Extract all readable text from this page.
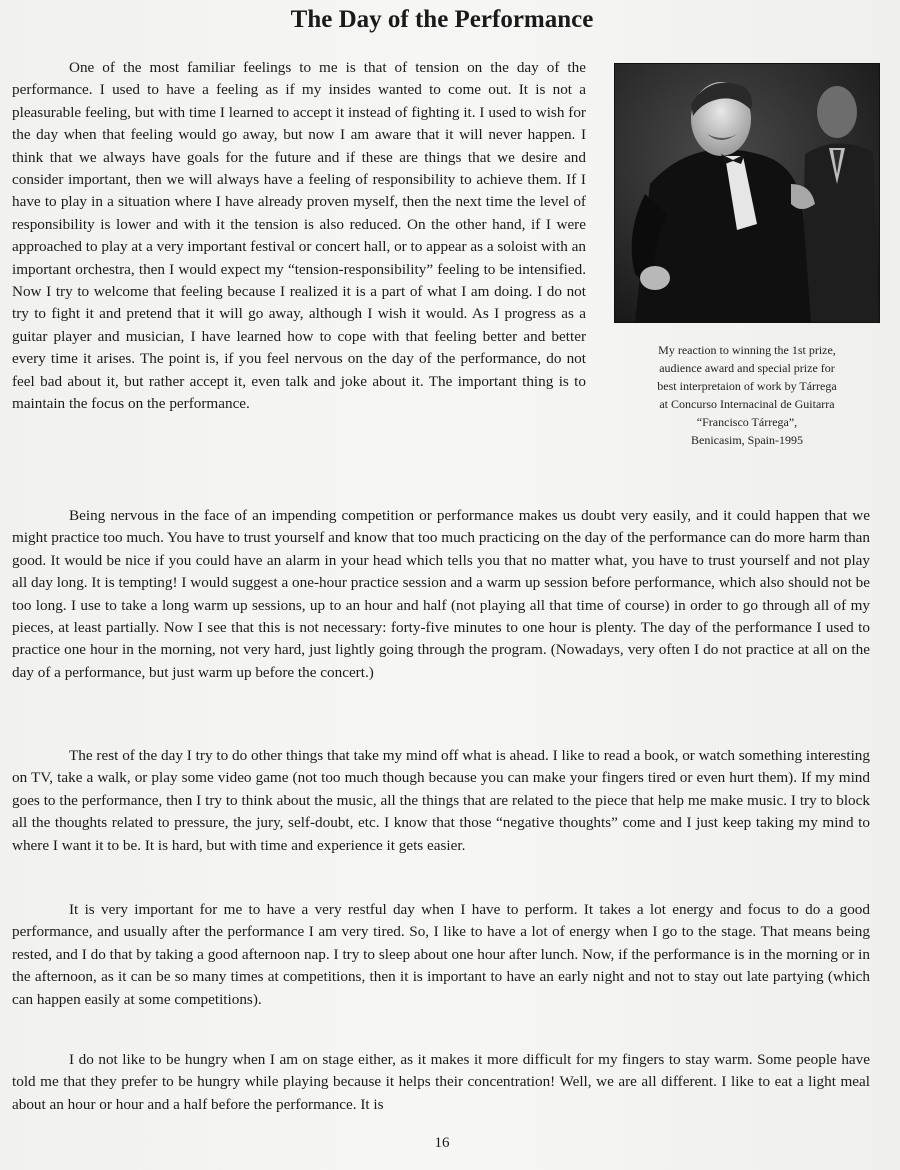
The Day of the Performance
My reaction to winning the 1st prize,
audience award and special prize for
best interpretaion of work by Tárrega
at Concurso Internacinal de Guitarra
“Francisco Tárrega”,
Benicasim, Spain-1995
One of the most familiar feelings to me is that of tension on the day of the performance. I used to have a feeling as if my insides wanted to come out. It is not a pleasurable feeling, but with time I learned to accept it instead of fighting it. I used to wish for the day when that feeling would go away, but now I am aware that it will never happen. I think that we always have goals for the future and if these are things that we desire and consider important, then we will always have a feeling of responsibility to achieve them. If I have to play in a situation where I have already proven myself, then the next time the level of responsibility is lower and with it the tension is also reduced. On the other hand, if I were approached to play at a very important festival or concert hall, or to appear as a soloist with an important orchestra, then I would expect my “tension-responsibility” feeling to be intensified. Now I try to welcome that feeling because I realized it is a part of what I am doing. I do not try to fight it and pretend that it will go away, although I wish it would. As I progress as a guitar player and musician, I have learned how to cope with that feeling better and better every time it arises. The point is, if you feel nervous on the day of the performance, do not feel bad about it, but rather accept it, even talk and joke about it. The important thing is to maintain the focus on the performance.

Being nervous in the face of an impending competition or performance makes us doubt very easily, and it could happen that we might practice too much. You have to trust yourself and know that too much practicing on the day of the performance can do more harm than good. It would be nice if you could have an alarm in your head which tells you that no matter what, you have to trust yourself and not play all day long. It is tempting! I would suggest a one-hour practice session and a warm up session before performance, which also should not be too long. I use to take a long warm up sessions, up to an hour and half (not playing all that time of course) in order to go through all of my pieces, at least partially. Now I see that this is not necessary: forty-five minutes to one hour is plenty. The day of the performance I used to practice one hour in the morning, not very hard, just lightly going through the program. (Nowadays, very often I do not practice at all on the day of a performance, but just warm up before the concert.)

The rest of the day I try to do other things that take my mind off what is ahead. I like to read a book, or watch something interesting on TV, take a walk, or play some video game (not too much though because you can make your fingers tired or even hurt them). If my mind goes to the performance, then I try to think about the music, all the things that are related to the piece that help me make music. I try to block all the thoughts related to pressure, the jury, self-doubt, etc. I know that those “negative thoughts” come and I just keep taking my mind to where I want it to be. It is hard, but with time and experience it gets easier.

It is very important for me to have a very restful day when I have to perform. It takes a lot energy and focus to do a good performance, and usually after the performance I am very tired. So, I like to have a lot of energy when I go to the stage. That means being rested, and I do that by taking a good afternoon nap. I try to sleep about one hour after lunch. Now, if the performance is in the morning or in the afternoon, as it can be so many times at competitions, then it is important to have an early night and not to stay out late partying (which can happen easily at some competitions).

I do not like to be hungry when I am on stage either, as it makes it more difficult for my fingers to stay warm. Some people have told me that they prefer to be hungry while playing because it helps their concentration! Well, we are all different. I like to eat a light meal about an hour or hour and a half before the performance. It is

16
